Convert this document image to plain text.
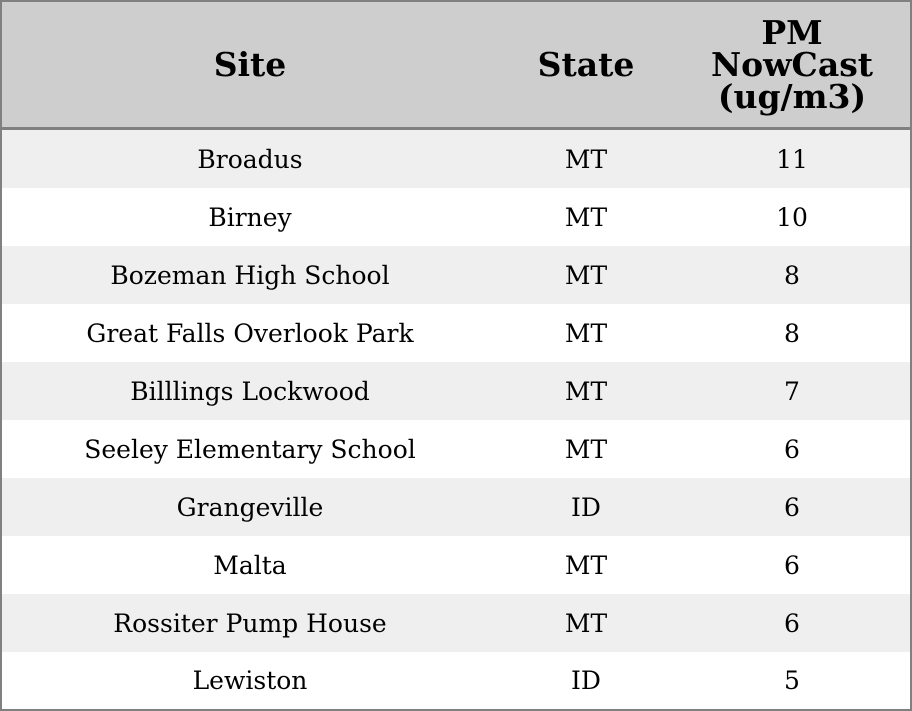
Site	State	PM
NowCast
(ug/m3)

Broadus	MT	11
Birney	MT	10
Bozeman High School	MT	8
Great Falls Overlook Park	MT	8
Billlings Lockwood	MT	7
Seeley Elementary School	MT	6
Grangeville	ID	6
Malta	MT	6
Rossiter Pump House	MT	6
Lewiston	ID	5
